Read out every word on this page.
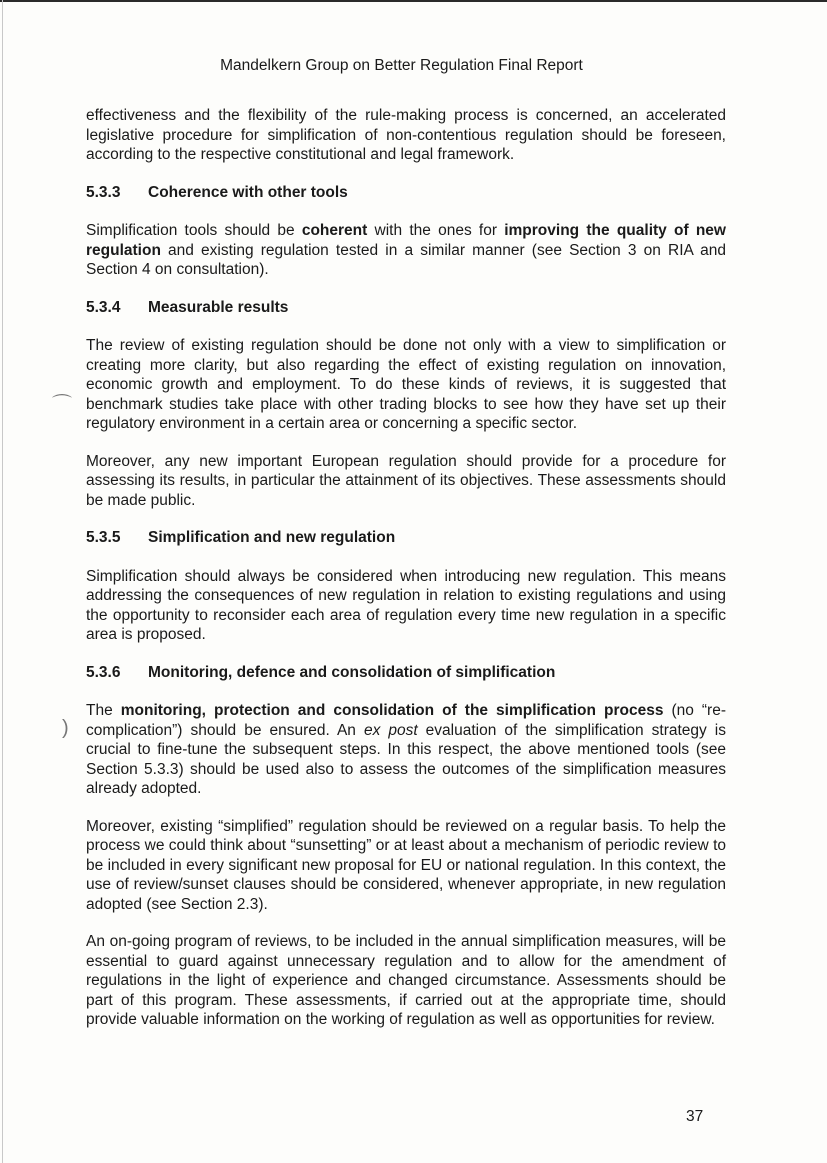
⌒
)
Mandelkern Group on Better Regulation Final Report

effectiveness and the flexibility of the rule-making process is concerned, an accelerated legislative procedure for simplification of non-contentious regulation should be foreseen, according to the respective constitutional and legal framework.

5.3.3 Coherence with other tools

Simplification tools should be coherent with the ones for improving the quality of new regulation and existing regulation tested in a similar manner (see Section 3 on RIA and Section 4 on consultation).

5.3.4 Measurable results

The review of existing regulation should be done not only with a view to simplification or creating more clarity, but also regarding the effect of existing regulation on innovation, economic growth and employment. To do these kinds of reviews, it is suggested that benchmark studies take place with other trading blocks to see how they have set up their regulatory environment in a certain area or concerning a specific sector.

Moreover, any new important European regulation should provide for a procedure for assessing its results, in particular the attainment of its objectives. These assessments should be made public.

5.3.5 Simplification and new regulation

Simplification should always be considered when introducing new regulation. This means addressing the consequences of new regulation in relation to existing regulations and using the opportunity to reconsider each area of regulation every time new regulation in a specific area is proposed.

5.3.6 Monitoring, defence and consolidation of simplification

The monitoring, protection and consolidation of the simplification process (no “re-complication”) should be ensured. An ex post evaluation of the simplification strategy is crucial to fine-tune the subsequent steps. In this respect, the above mentioned tools (see Section 5.3.3) should be used also to assess the outcomes of the simplification measures already adopted.

Moreover, existing “simplified” regulation should be reviewed on a regular basis. To help the process we could think about “sunsetting” or at least about a mechanism of periodic review to be included in every significant new proposal for EU or national regulation. In this context, the use of review/sunset clauses should be considered, whenever appropriate, in new regulation adopted (see Section 2.3).

An on-going program of reviews, to be included in the annual simplification measures, will be essential to guard against unnecessary regulation and to allow for the amendment of regulations in the light of experience and changed circumstance. Assessments should be part of this program. These assessments, if carried out at the appropriate time, should provide valuable information on the working of regulation as well as opportunities for review.

37
